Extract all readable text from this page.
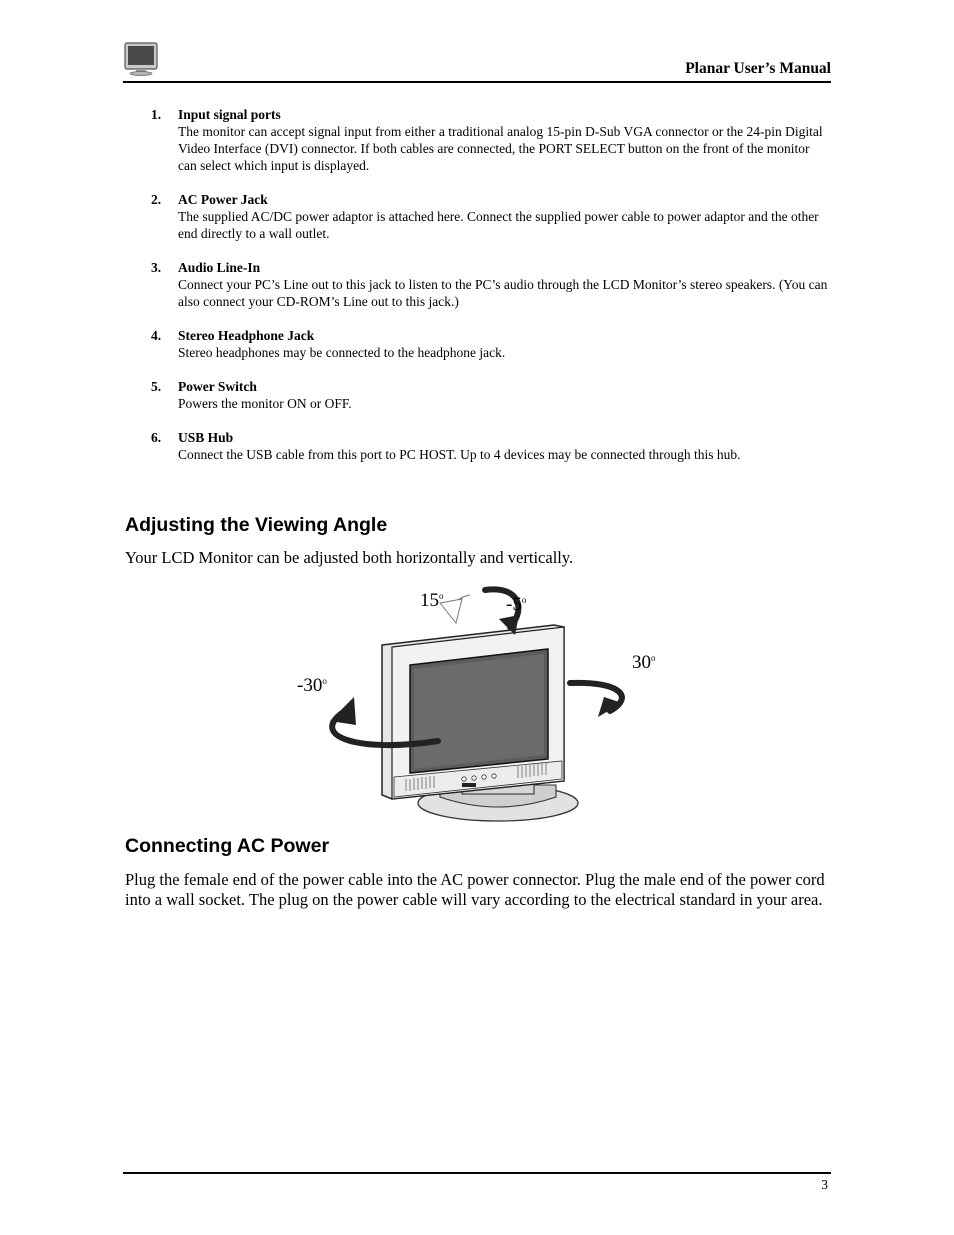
Planar User’s Manual
1. Input signal ports
The monitor can accept signal input from either a traditional analog 15-pin D-Sub VGA connector or the 24-pin Digital Video Interface (DVI) connector. If both cables are connected, the PORT SELECT button on the front of the monitor can select which input is displayed.
2. AC Power Jack
The supplied AC/DC power adaptor is attached here. Connect the supplied power cable to power adaptor and the other end directly to a wall outlet.
3. Audio Line-In
Connect your PC’s Line out to this jack to listen to the PC’s audio through the LCD Monitor’s stereo speakers. (You can also connect your CD-ROM’s Line out to this jack.)
4. Stereo Headphone Jack
Stereo headphones may be connected to the headphone jack.
5. Power Switch
Powers the monitor ON or OFF.
6. USB Hub
Connect the USB cable from this port to PC HOST. Up to 4 devices may be connected through this hub.
Adjusting the Viewing Angle

Your LCD Monitor can be adjusted both horizontally and vertically.

15$^o$	-5$^o$
-30$^o$
30$^o$
Connecting AC Power

Plug the female end of the power cable into the AC power connector. Plug the male end of the power cord into a wall socket. The plug on the power cable will vary according to the electrical standard in your area.

3
